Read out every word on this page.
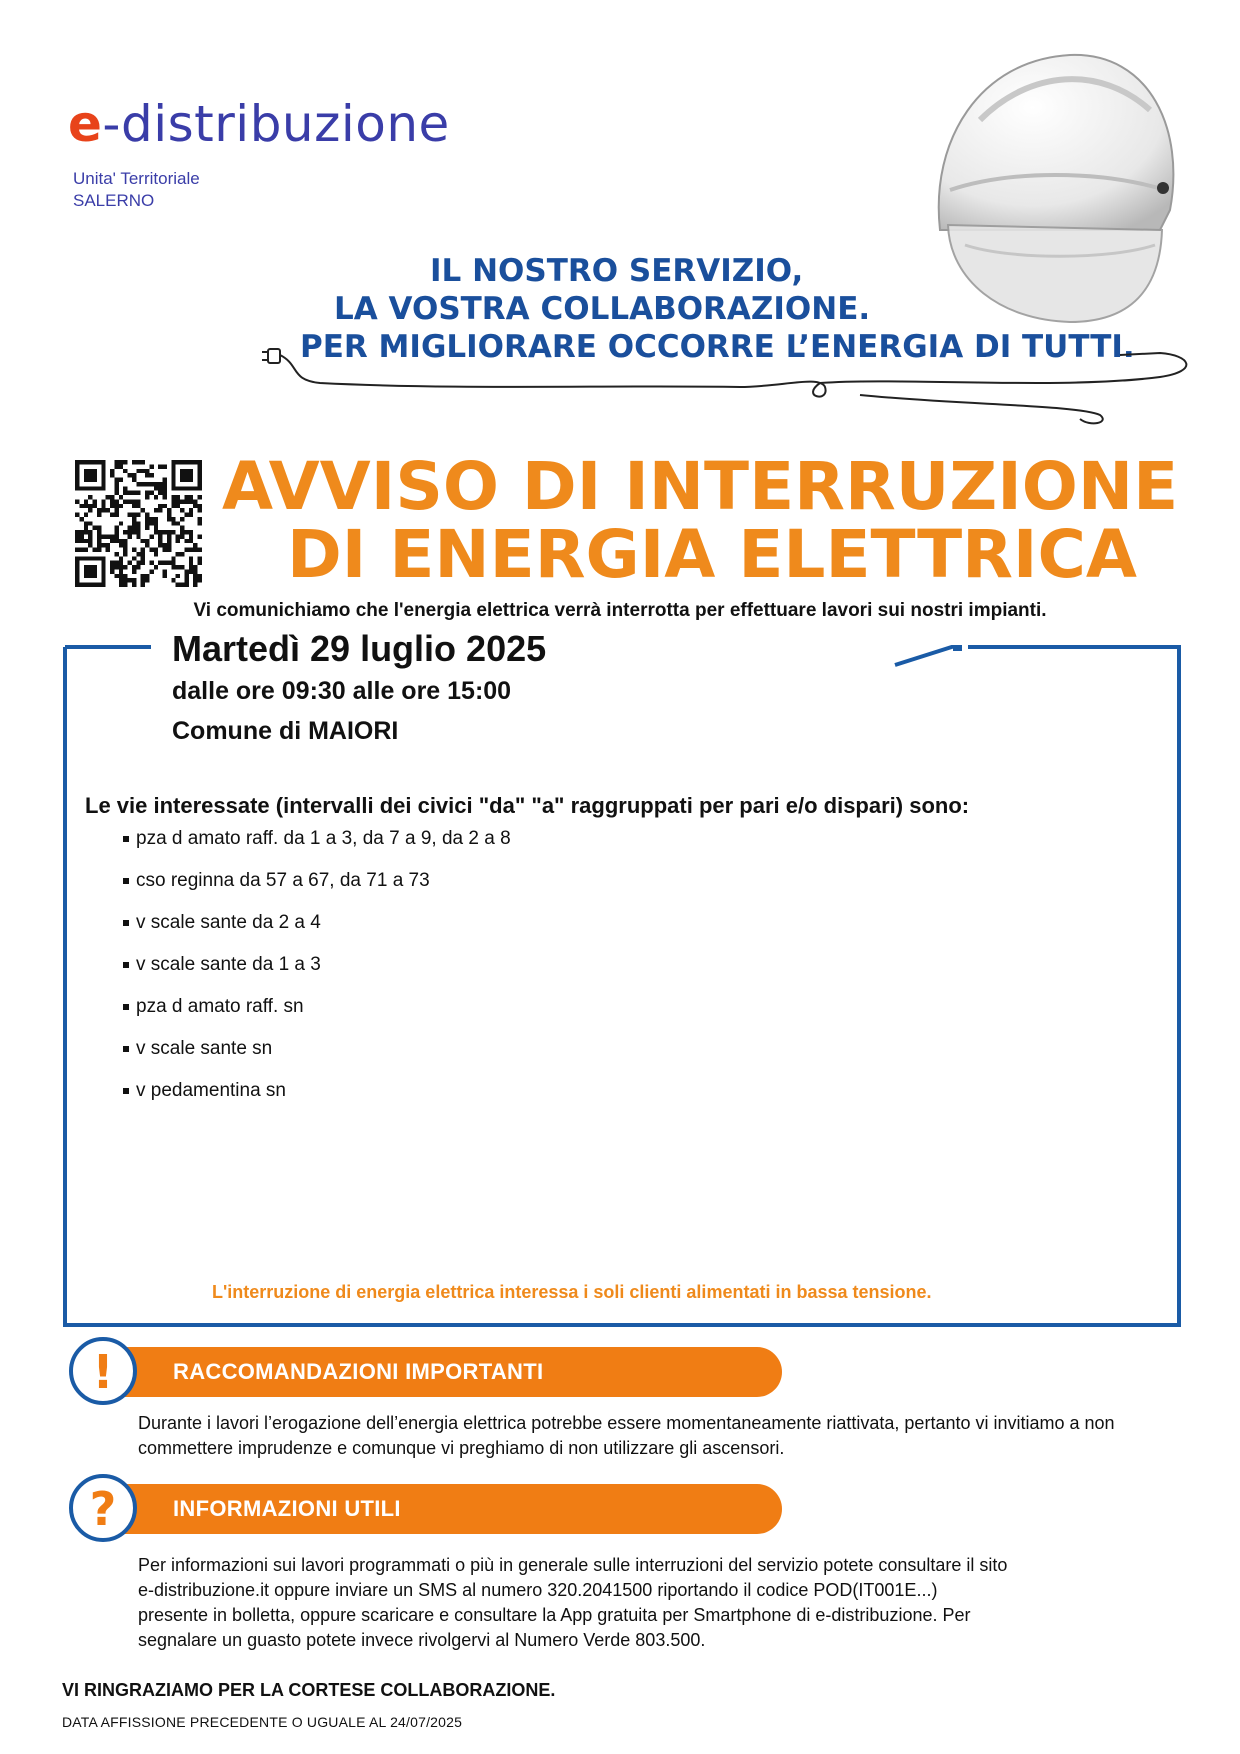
e-distribuzione
Unita' Territoriale
SALERNO
IL NOSTRO SERVIZIO,
LA VOSTRA COLLABORAZIONE.
PER MIGLIORARE OCCORRE L’ENERGIA DI TUTTI.
AVVISO DI INTERRUZIONE
DI ENERGIA ELETTRICA
Vi comunichiamo che l'energia elettrica verrà interrotta per effettuare lavori sui nostri impianti.
Martedì 29 luglio 2025
dalle ore 09:30 alle ore 15:00
Comune di MAIORI
Le vie interessate (intervalli dei civici "da" "a" raggruppati per pari e/o dispari) sono:
pza d amato raff. da 1 a 3, da 7 a 9, da 2 a 8
cso reginna da 57 a 67, da 71 a 73
v scale sante da 2 a 4
v scale sante da 1 a 3
pza d amato raff. sn
v scale sante sn
v pedamentina sn
L'interruzione di energia elettrica interessa i soli clienti alimentati in bassa tensione.
RACCOMANDAZIONI IMPORTANTI
!
Durante i lavori l’erogazione dell’energia elettrica potrebbe essere momentaneamente riattivata, pertanto vi invitiamo a non commettere imprudenze e comunque vi preghiamo di non utilizzare gli ascensori.
INFORMAZIONI UTILI
?
Per informazioni sui lavori programmati o più in generale sulle interruzioni del servizio potete consultare il sito
e-distribuzione.it oppure inviare un SMS al numero 320.2041500 riportando il codice POD(IT001E...)
presente in bolletta, oppure scaricare e consultare la App gratuita per Smartphone di e-distribuzione. Per
segnalare un guasto potete invece rivolgervi al Numero Verde 803.500.
VI RINGRAZIAMO PER LA CORTESE COLLABORAZIONE.
DATA AFFISSIONE PRECEDENTE O UGUALE AL 24/07/2025
